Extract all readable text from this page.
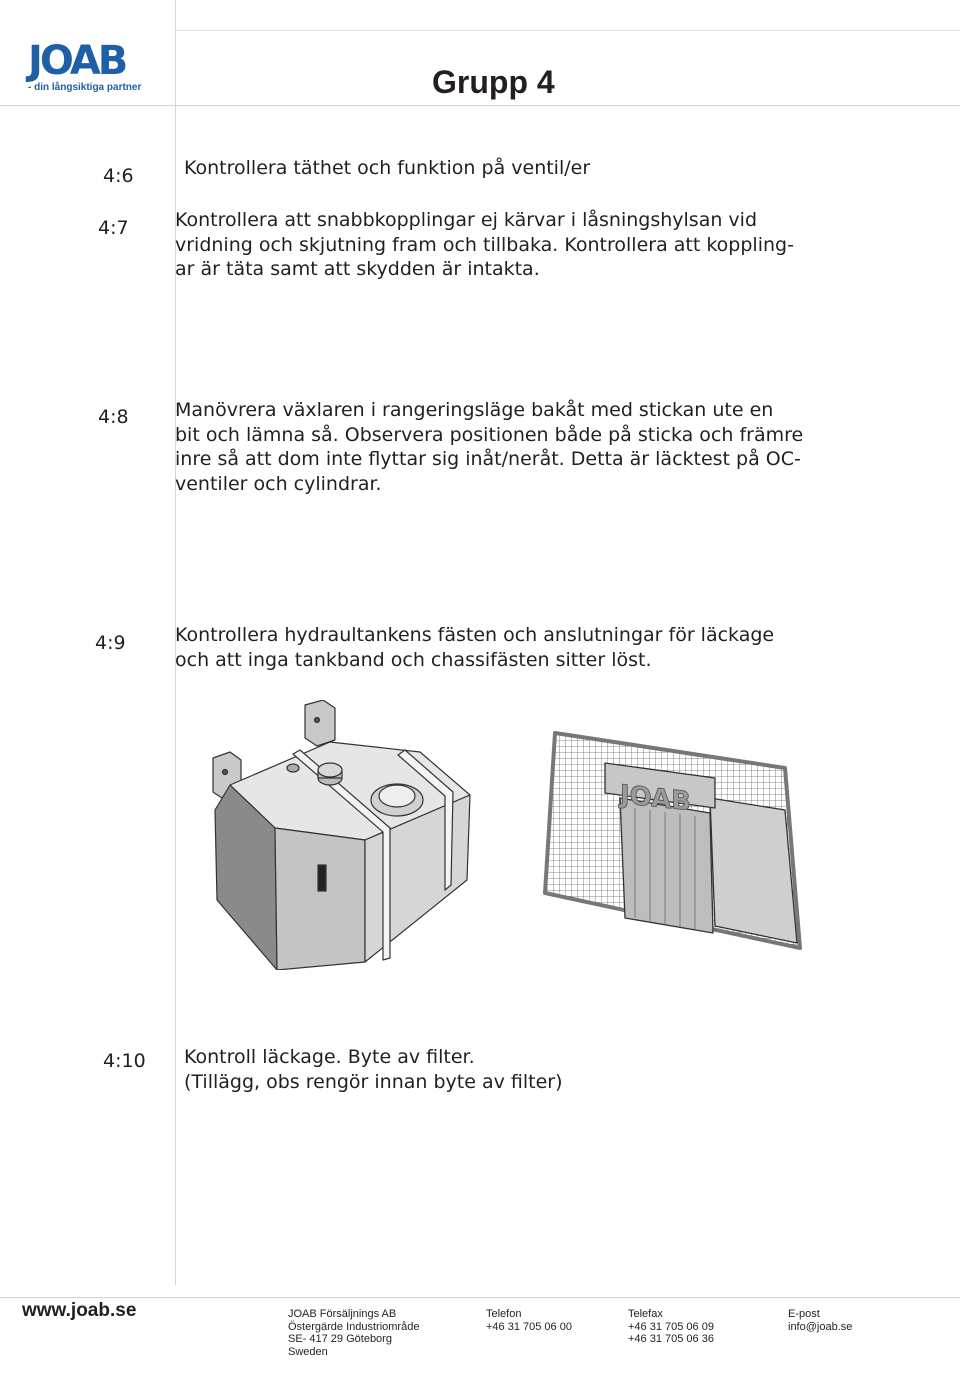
JOAB
- din långsiktiga partner	Grupp 4
4:6	Kontrollera täthet och funktion på ventil/er
4:7 Kontrollera att snabbkopplingar ej kärvar i låsningshylsan vid
vridning och skjutning fram och tillbaka. Kontrollera att koppling-
ar är täta samt att skydden är intakta.
4:8 Manövrera växlaren i rangeringsläge bakåt med stickan ute en
bit och lämna så. Observera positionen både på sticka och främre
inre så att dom inte flyttar sig inåt/neråt. Detta är läcktest på OC-
ventiler och cylindrar.
4:9	Kontrollera hydraultankens fästen och anslutningar för läckage
och att inga tankband och chassifästen sitter löst.
JOAB
4:10 Kontroll läckage. Byte av filter.
(Tillägg, obs rengör innan byte av filter)
www.joab.se	JOAB Försäljnings AB
Östergärde Industriområde
SE- 417 29 Göteborg
Sweden
Telefon
+46 31 705 06 00
Telefax
+46 31 705 06 09
+46 31 705 06 36
E-post
info@joab.se
